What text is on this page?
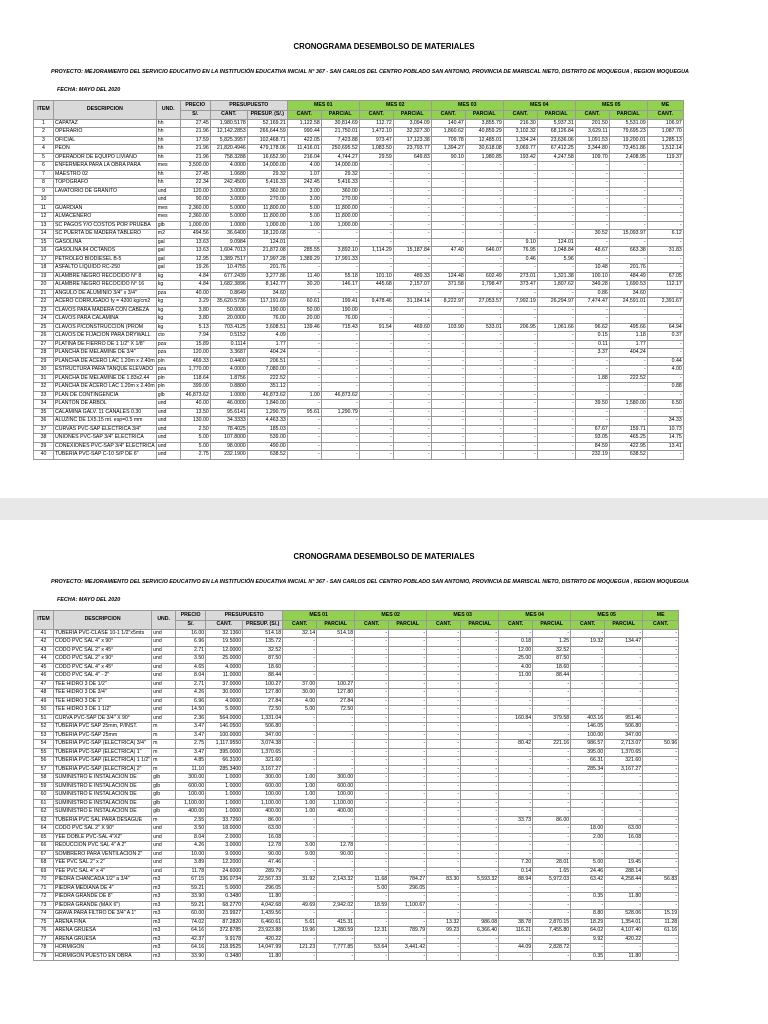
CRONOGRAMA DESEMBOLSO DE MATERIALES
PROYECTO: MEJORAMIENTO DEL SERVICIO EDUCATIVO EN LA INSTITUCIÓN EDUCATIVA INICIAL N° 367 - SAN CARLOS DEL CENTRO POBLADO SAN ANTONIO, PROVINCIA DE MARISCAL NIETO, DISTRITO DE MOQUEGUA , REGION MOQUEGUA
FECHA: MAYO DEL 2020
ITEM	DESCRIPCION	UND.	PRECIO	PRESUPUESTO		MES 01		MES 02		MES 03		MES 04		MES 05		ME
			S/.	CANT.	PRESUP. (S/.)	CANT.	PARCIAL	CANT.	PARCIAL	CANT.	PARCIAL	CANT.	PARCIAL	CANT.	PARCIAL	CANT.
1	CAPATAZ	hh	27.45	1,980.5178	52,169.21	1,122.58	30,814.69	112.72	3,094.09	140.47	3,855.79	216.30	5,937.31	201.50	5,531.09	106.97
2	OPERARIO	hh	21.96	12,142.2853	266,644.59	990.44	21,750.01	1,472.10	32,327.30	1,860.62	40,859.29	3,102.32	68,126.84	3,629.11	79,695.23	1,087.70
3	OFICIAL	hh	17.59	5,825.3957	102,468.71	422.05	7,423.88	973.47	17,123.38	709.78	12,485.01	1,334.24	23,636.06	1,091.53	19,200.01	1,285.13
4	PEON	hh	21.96	21,820.4946	479,178.06	11,416.01	250,695.52	1,083.50	23,793.77	1,394.27	30,618.08	3,069.77	67,412.25	3,344.80	73,451.86	1,512.14
5	OPERADOR DE EQUIPO LIVIANO	hh	21.96	758.3288	16,652.90	216.04	4,744.27	29.59	649.83	90.10	1,980.85	193.42	4,247.58	109.70	2,408.95	119.37
6	ENFERMERA PARA LA OBRA PARA	mes	3,500.00	4.0000	14,000.00	4.00	14,000.00	-	-	-	-	-	-	-	-	-
7	MAESTRO 02	hh	27.45	1.0680	29.32	1.07	29.32	-	-	-	-	-	-	-	-	-
8	TOPOGRAFO	hh	22.34	242.4500	5,416.33	242.45	5,416.33	-	-	-	-	-	-	-	-	-
9	LAVATORIO DE GRANITO	und	120.00	3.0000	360.00	3.00	360.00	-	-	-	-	-	-	-	-	-
10		und	90.00	3.0000	270.00	3.00	270.00	-	-	-	-	-	-	-	-	-
11	GUARDIAN	mes	2,360.00	5.0000	11,800.00	5.00	11,800.00	-	-	-	-	-	-	-	-	-
12	ALMACENERO	mes	2,360.00	5.0000	11,800.00	5.00	11,800.00	-	-	-	-	-	-	-	-	-
13	SC PAGOS Y/O COSTOS POR PRUEBA	glb	1,000.00	1.0000	1,000.00	1.00	1,000.00	-	-	-	-	-	-	-	-	-
14	SC PUERTA DE MADERA TABLERO	m2	494.56	36.6400	18,120.68	-	-	-	-	-	-	-	-	30.52	15,093.97	6.12
15	GASOLINA	gal	13.63	9.0984	124.01	-	-	-	-	-	-	9.10	124.01	-	-	-
16	GASOLINA 84 OCTANOS	gal	13.63	1,604.7013	21,872.08	285.55	3,892.10	1,114.29	15,187.84	47.40	646.07	76.95	1,048.84	48.67	663.38	31.83
17	PETROLEO BIODIESEL B-5	gal	12.95	1,389.7517	17,997.28	1,389.29	17,991.33	-	-	-	-	0.46	5.96	-	-	-
18	ASFALTO LIQUIDO RC-250	gal	19.26	10.4755	201.76	-	-	-	-	-	-	-	-	10.48	201.76	-
19	ALAMBRE NEGRO RECOCIDO N° 8	kg	4.84	677.2439	3,277.86	11.40	55.18	101.10	489.33	124.48	602.49	273.01	1,321.38	100.10	484.49	67.05
20	ALAMBRE NEGRO RECOCIDO N° 16	kg	4.84	1,682.3896	8,142.77	30.20	146.17	445.68	2,157.07	371.58	1,798.47	373.47	1,807.62	349.28	1,690.53	112.17
21	ANGULO DE ALUMINIO 3/4" x 3/4"	pza	40.00	0.8649	34.60	-	-	-	-	-	-	-	-	0.86	34.60	-
22	ACERO CORRUGADO fy = 4200 kg/cm2	kg	3.29	35,620.5736	117,191.69	60.61	199.41	9,478.46	31,184.14	8,222.97	27,053.57	7,992.19	26,294.97	7,474.47	24,591.01	2,391.67
23	CLAVOS PARA MADERA CON CABEZA	kg	3.80	50.0000	190.00	50.00	190.00	-	-	-	-	-	-	-	-	-
24	CLAVOS PARA CALAMINA	kg	3.80	20.0000	76.00	20.00	76.00	-	-	-	-	-	-	-	-	-
25	CLAVOS P/CONSTRUCCION (PROM	kg	5.13	703.4125	3,608.51	139.46	715.43	91.54	469.60	103.90	533.01	206.95	1,061.66	96.62	495.66	64.94
26	CLAVOS DE FIJACION PARA DRYWALL	cto	7.94	0.5152	4.09	-	-	-	-	-	-	-	-	0.15	1.18	0.37
27	PLATINA DE FIERRO DE 1 1/2" X 1/8"	pza	15.89	0.1114	1.77	-	-	-	-	-	-	-	-	0.11	1.77	-
28	PLANCHA DE MELAMINE DE 3/4"	pza	120.00	3.3687	404.24	-	-	-	-	-	-	-	-	3.37	404.24	-
29	PLANCHA DE ACERO LAC 1.20m x 2.40m	pln	469.33	0.4400	206.51	-	-	-	-	-	-	-	-	-	-	0.44
30	ESTRUCTURA PARA TANQUE ELEVADO	pza	1,770.00	4.0000	7,080.00	-	-	-	-	-	-	-	-	-	-	4.00
31	PLANCHA DE MELAMINE DE 1.83x2.44	pln	118.64	1.8756	222.52	-	-	-	-	-	-	-	-	1.88	222.52	-
32	PLANCHA DE ACERO LAC 1.20m x 2.40m	pln	399.00	0.8800	351.12	-	-	-	-	-	-	-	-	-	-	0.88
33	PLAN DE CONTINGENCIA	glb	46,873.62	1.0000	46,873.62	1.00	46,873.62	-	-	-	-	-	-	-	-	-
34	PLANTON DE ARBOL	und	40.00	46.0000	1,840.00	-	-	-	-	-	-	-	-	39.50	1,580.00	6.50
35	CALAMINA GALV. 11 CANALES 0.30	und	13.50	95.6141	1,290.79	95.61	1,290.79	-	-	-	-	-	-	-	-	-
36	ALUZINC DE 1X5.15 mt. esp=0.5 mm	und	130.00	34.3333	4,463.33	-	-	-	-	-	-	-	-	-	-	34.33
37	CURVAS PVC-SAP ELECTRICA 3/4"	und	2.50	78.4025	185.03	-	-	-	-	-	-	-	-	67.67	159.71	10.73
38	UNIONES PVC-SAP 3/4" ELECTRICA	und	5.00	107.8000	539.00	-	-	-	-	-	-	-	-	93.05	465.25	14.75
39	CONEXIONES PVC-SAP 3/4" ELECTRICA	und	5.00	98.0000	490.00	-	-	-	-	-	-	-	-	84.59	422.95	13.41
40	TUBERIA PVC-SAP C-10 S/P DE 6"	und	2.75	232.1900	638.52	-	-	-	-	-	-	-	-	232.19	638.52	-
CRONOGRAMA DESEMBOLSO DE MATERIALES
PROYECTO: MEJORAMIENTO DEL SERVICIO EDUCATIVO EN LA INSTITUCIÓN EDUCATIVA INICIAL N° 367 - SAN CARLOS DEL CENTRO POBLADO SAN ANTONIO, PROVINCIA DE MARISCAL NIETO, DISTRITO DE MOQUEGUA , REGION MOQUEGUA
FECHA: MAYO DEL 2020
ITEM	DESCRIPCION	UND.	PRECIO	PRESUPUESTO		MES 01		MES 02		MES 03		MES 04		MES 05		ME
			S/.	CANT.	PRESUP. (S/.)	CANT.	PARCIAL	CANT.	PARCIAL	CANT.	PARCIAL	CANT.	PARCIAL	CANT.	PARCIAL	CANT.
41	TUBERIA PVC-CLASE 10-1 1/2"x5mts	und	16.00	32.1360	514.18	32.14	514.18	-	-	-	-	-	-	-	-	-
42	CODO PVC SAL 4" x 90°	und	6.96	19.5000	135.72	-	-	-	-	-	-	0.18	1.25	19.32	134.47	-
43	CODO PVC SAL 2" x 45°	und	2.71	12.0000	32.52	-	-	-	-	-	-	12.00	32.52	-	-	-
44	CODO PVC SAL 2" x 90°	und	3.50	25.0000	87.50	-	-	-	-	-	-	25.00	87.50	-	-	-
45	CODO PVC SAL 4" x 45°	und	4.65	4.0000	18.60	-	-	-	-	-	-	4.00	18.60	-	-	-
46	CODO PVC SAL 4" - 2"	und	8.04	11.0000	88.44	-	-	-	-	-	-	11.00	88.44	-	-	-
47	TEE HIDRO 3 DE 1/2"	und	2.71	37.0000	100.27	37.00	100.27	-	-	-	-	-	-	-	-	-
48	TEE HIDRO 3 DE 3/4"	und	4.26	30.0000	127.80	30.00	127.80	-	-	-	-	-	-	-	-	-
49	TEE HIDRO 3 DE 1"	und	6.96	4.0000	27.84	4.00	27.84	-	-	-	-	-	-	-	-	-
50	TEE HIDRO 3 DE 1 1/2"	und	14.50	5.0000	72.50	5.00	72.50	-	-	-	-	-	-	-	-	-
51	CURVA PVC-SAP DE 3/4" X 90°	und	2.36	564.0000	1,331.04	-	-	-	-	-	-	160.84	379.58	403.16	951.46	-
52	TUBERIA PVC SAP 25mm, P/INST.	m	3.47	146.0500	506.80	-	-	-	-	-	-	-	-	146.05	506.80	-
53	TUBERIA PVC-SAP 25mm	m	3.47	100.0000	347.00	-	-	-	-	-	-	-	-	100.00	347.00	-
54	TUBERIA PVC-SAP (ELECTRICA) 3/4"	m	2.75	1,117.9550	3,074.38	-	-	-	-	-	-	80.42	221.16	986.57	2,713.07	50.96
55	TUBERIA PVC-SAP (ELECTRICA) 1"	m	3.47	395.0000	1,370.65	-	-	-	-	-	-	-	-	395.00	1,370.65	-
56	TUBERIA PVC-SAP (ELECTRICA) 1 1/2"	m	4.85	66.3100	321.60	-	-	-	-	-	-	-	-	66.31	321.60	-
57	TUBERIA PVC-SAP (ELECTRICA) 2"	m	11.10	285.3400	3,167.27	-	-	-	-	-	-	-	-	285.34	3,167.27	-
58	SUMINISTRO E INSTALACION DE	glb	300.00	1.0000	300.00	1.00	300.00	-	-	-	-	-	-	-	-	-
59	SUMINISTRO E INSTALACION DE	glb	600.00	1.0000	600.00	1.00	600.00	-	-	-	-	-	-	-	-	-
60	SUMINISTRO E INSTALACION DE	glb	100.00	1.0000	100.00	1.00	100.00	-	-	-	-	-	-	-	-	-
61	SUMINISTRO E INSTALACION DE	glb	1,100.00	1.0000	1,100.00	1.00	1,100.00	-	-	-	-	-	-	-	-	-
62	SUMINISTRO E INSTALACION DE	glb	400.00	1.0000	400.00	1.00	400.00	-	-	-	-	-	-	-	-	-
63	TUBERIA PVC SAL PARA DESAGUE	m	2.55	33.7260	86.00	-	-	-	-	-	-	33.73	86.00	-	-	-
64	CODO PVC SAL 2" X 90°	und	3.50	18.0000	63.00	-	-	-	-	-	-	-	-	18.00	63.00	-
65	YEE DOBLE PVC-SAL 4"X2"	und	8.04	2.0000	16.08	-	-	-	-	-	-	-	-	2.00	16.08	-
66	REDUCCION PVC SAL 4" A 2"	und	4.26	3.0000	12.78	3.00	12.78	-	-	-	-	-	-	-	-	-
67	SOMBRERO PARA VENTILACION 2"	und	10.00	9.0000	90.00	9.00	90.00	-	-	-	-	-	-	-	-	-
68	YEE PVC SAL 2" x 2"	und	3.89	12.2000	47.46	-	-	-	-	-	-	7.20	28.01	5.00	19.45	-
69	YEE PVC SAL 4" x 4"	und	11.78	24.6000	289.79	-	-	-	-	-	-	0.14	1.65	24.46	288.14	-
70	PIEDRA CHANCADA 1/2" a 3/4"	m3	67.15	336.0734	22,567.33	31.92	2,143.32	11.68	784.27	83.30	5,593.32	88.94	5,972.03	63.42	4,258.44	56.83
71	PIEDRA MEDIANA DE 4"	m3	59.21	5.0000	296.05	-	-	5.00	296.05	-	-	-	-	-	-	-
72	PIEDRA GRANDE DE 8"	m3	33.90	0.3480	11.80	-	-	-	-	-	-	-	-	0.35	11.80	-
73	PIEDRA GRANDE (MAX 6")	m3	59.21	68.2770	4,042.68	49.69	2,942.02	18.59	1,100.67	-	-	-	-	-	-	-
74	GRAVA PARA FILTRO DE 3/4" A 1"	m3	60.00	23.9927	1,439.56	-	-	-	-	-	-	-	-	8.80	528.06	15.19
75	ARENA FINA	m3	74.02	87.2820	6,460.61	5.61	415.31	-	-	13.32	986.08	38.78	2,870.15	18.29	1,354.01	11.28
76	ARENA GRUESA	m3	64.16	372.8785	23,923.88	19.96	1,280.59	12.31	789.79	99.23	6,366.40	116.21	7,455.80	64.02	4,107.40	61.16
77	ARENA GRUESA	m3	42.37	9.9178	420.22	-	-	-	-	-	-	-	-	9.92	420.22	-
78	HORMIGON	m3	64.16	218.9525	14,047.99	121.23	7,777.85	53.64	3,441.42	-	-	44.09	2,828.72	-	-	-
79	HORMIGON PUESTO EN OBRA	m3	33.90	0.3480	11.80	-	-	-	-	-	-	-	-	0.35	11.80	-
